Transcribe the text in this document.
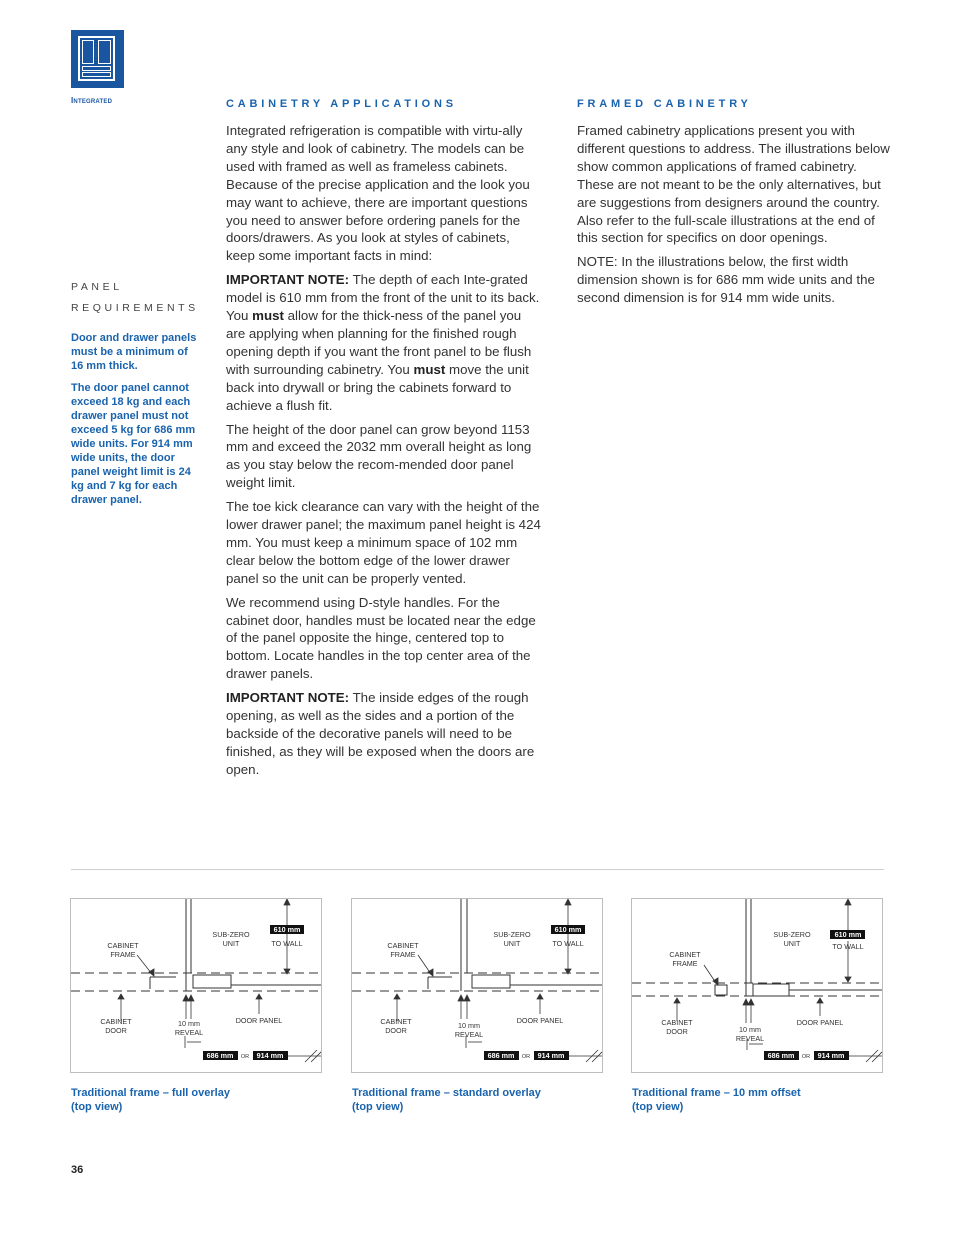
Integrated
PANEL
REQUIREMENTS

Door and drawer panels must be a minimum of 16 mm thick.

The door panel cannot exceed 18 kg and each drawer panel must not exceed 5 kg for 686 mm wide units. For 914 mm wide units, the door panel weight limit is 24 kg and 7 kg for each drawer panel.

CABINETRY APPLICATIONS

Integrated refrigeration is compatible with virtu-ally any style and look of cabinetry. The models can be used with framed as well as frameless cabinets. Because of the precise application and the look you may want to achieve, there are important questions you need to answer before ordering panels for the doors/drawers. As you look at styles of cabinets, keep some important facts in mind:

IMPORTANT NOTE: The depth of each Inte-grated model is 610 mm from the front of the unit to its back. You must allow for the thick-ness of the panel you are applying when planning for the finished rough opening depth if you want the front panel to be flush with surrounding cabinetry. You must move the unit back into drywall or bring the cabinets forward to achieve a flush fit.

The height of the door panel can grow beyond 1153 mm and exceed the 2032 mm overall height as long as you stay below the recom-mended door panel weight limit.

The toe kick clearance can vary with the height of the lower drawer panel; the maximum panel height is 424 mm. You must keep a minimum space of 102 mm clear below the bottom edge of the lower drawer panel so the unit can be properly vented.

We recommend using D-style handles. For the cabinet door, handles must be located near the edge of the panel opposite the hinge, centered top to bottom. Locate handles in the top center area of the drawer panels.

IMPORTANT NOTE: The inside edges of the rough opening, as well as the sides and a portion of the backside of the decorative panels will need to be finished, as they will be exposed when the doors are open.

FRAMED CABINETRY

Framed cabinetry applications present you with different questions to address. The illustrations below show common applications of framed cabinetry. These are not meant to be the only alternatives, but are suggestions from designers around the country. Also refer to the full-scale illustrations at the end of this section for specifics on door openings.

NOTE: In the illustrations below, the first width dimension shown is for 686 mm wide units and the second dimension is for 914 mm wide units.

SUB-ZERO
UNIT
610 mm
TO WALL
CABINET
FRAME
CABINET
DOOR
10 mm
REVEAL
DOOR PANEL
686 mm OR 914 mm
SUB-ZERO
UNIT
610 mm
TO WALL
CABINET
FRAME
CABINET
DOOR
10 mm
REVEAL
DOOR PANEL
686 mm OR 914 mm
SUB-ZERO
UNIT
610 mm
TO WALL
CABINET
FRAME
CABINET
DOOR	10 mm
REVEAL
DOOR PANEL
686 mm OR 914 mm
Traditional frame – full overlay
(top view)
Traditional frame – standard overlay
(top view)
Traditional frame – 10 mm offset
(top view)
36
